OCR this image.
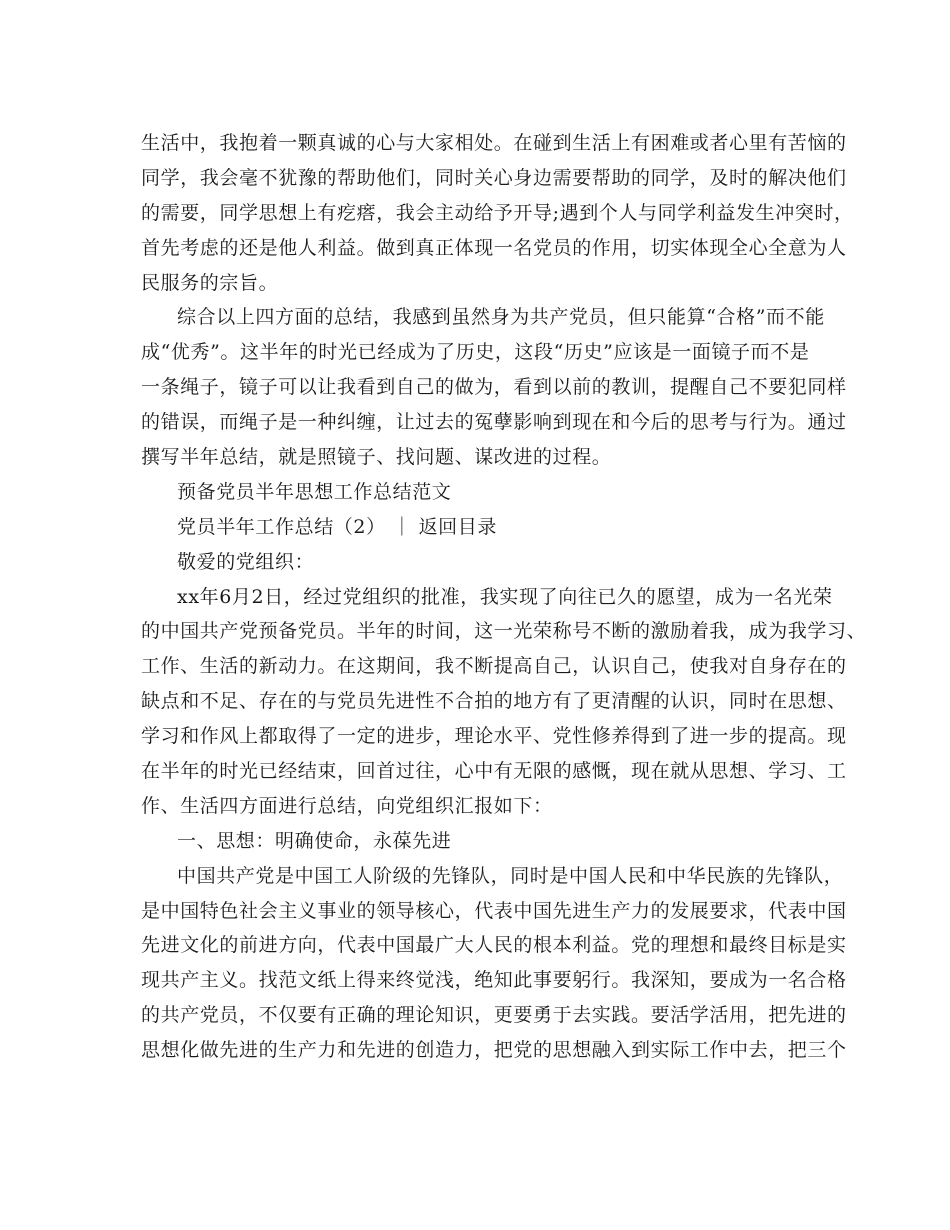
生活中，我抱着一颗真诚的心与大家相处。在碰到生活上有困难或者心里有苦恼的
同学，我会毫不犹豫的帮助他们，同时关心身边需要帮助的同学，及时的解决他们
的需要，同学思想上有疙瘩，我会主动给予开导;遇到个人与同学利益发生冲突时，
首先考虑的还是他人利益。做到真正体现一名党员的作用，切实体现全心全意为人
民服务的宗旨。
综合以上四方面的总结，我感到虽然身为共产党员，但只能算“合格”而不能
成“优秀”。这半年的时光已经成为了历史，这段“历史”应该是一面镜子而不是
一条绳子，镜子可以让我看到自己的做为，看到以前的教训，提醒自己不要犯同样
的错误，而绳子是一种纠缠，让过去的冤孽影响到现在和今后的思考与行为。通过
撰写半年总结，就是照镜子、找问题、谋改进的过程。
预备党员半年思想工作总结范文
党员半年工作总结（2） ｜ 返回目录
敬爱的党组织：
xx年6月2日，经过党组织的批准，我实现了向往已久的愿望，成为一名光荣
的中国共产党预备党员。半年的时间，这一光荣称号不断的激励着我，成为我学习、
工作、生活的新动力。在这期间，我不断提高自己，认识自己，使我对自身存在的
缺点和不足、存在的与党员先进性不合拍的地方有了更清醒的认识，同时在思想、
学习和作风上都取得了一定的进步，理论水平、党性修养得到了进一步的提高。现
在半年的时光已经结束，回首过往，心中有无限的感慨，现在就从思想、学习、工
作、生活四方面进行总结，向党组织汇报如下：
一、思想：明确使命，永葆先进
中国共产党是中国工人阶级的先锋队，同时是中国人民和中华民族的先锋队，
是中国特色社会主义事业的领导核心，代表中国先进生产力的发展要求，代表中国
先进文化的前进方向，代表中国最广大人民的根本利益。党的理想和最终目标是实
现共产主义。找范文纸上得来终觉浅，绝知此事要躬行。我深知，要成为一名合格
的共产党员，不仅要有正确的理论知识，更要勇于去实践。要活学活用，把先进的
思想化做先进的生产力和先进的创造力，把党的思想融入到实际工作中去，把三个
